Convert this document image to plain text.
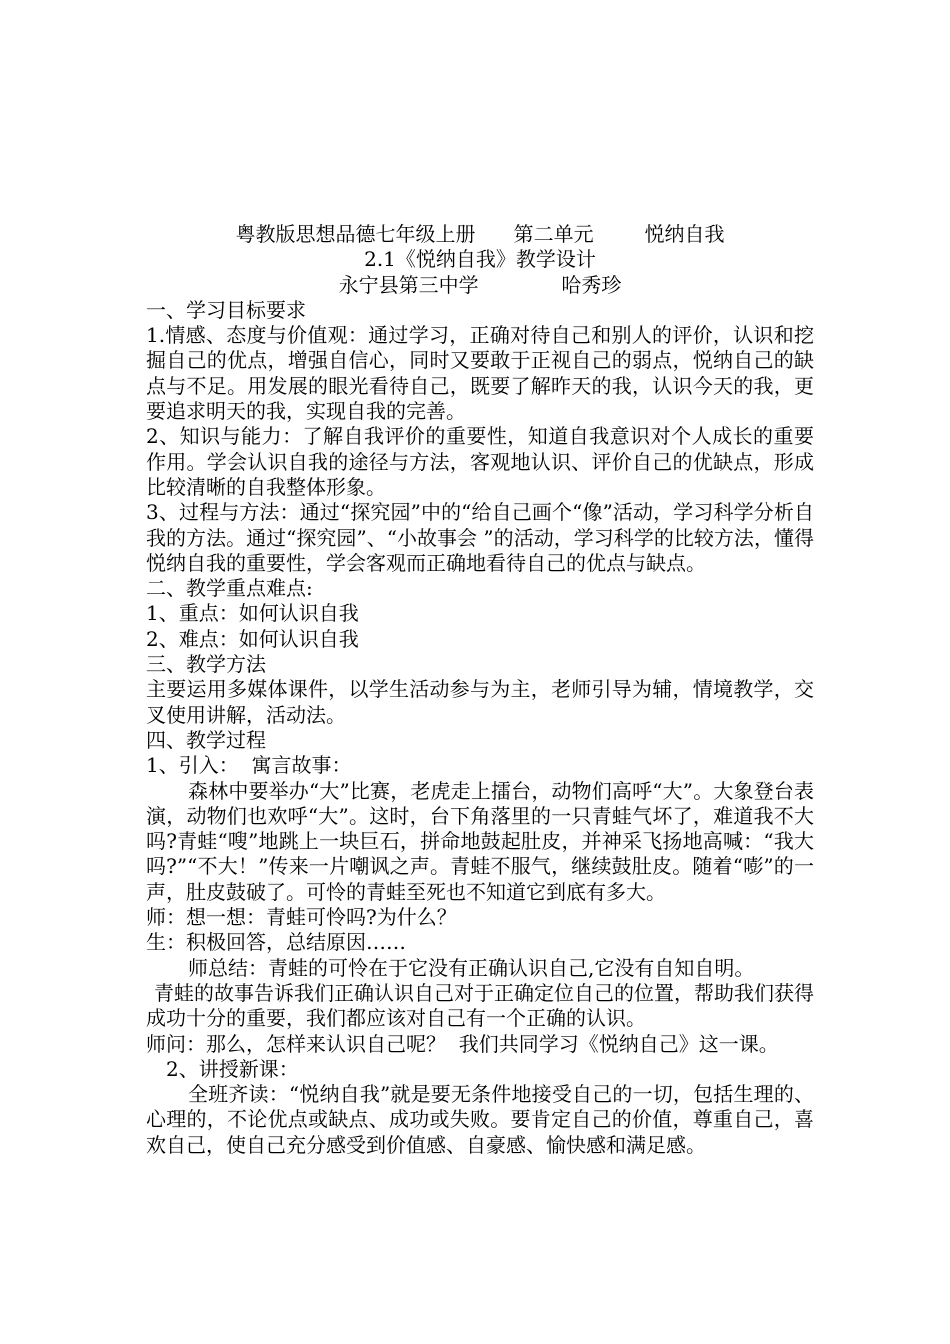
粤教版思想品德七年级上册      第二单元        悦纳自我
2.1《悦纳自我》教学设计
永宁县第三中学             哈秀珍
一、学习目标要求
1.情感、态度与价值观：通过学习，正确对待自己和别人的评价，认识和挖掘自己的优点，增强自信心，同时又要敢于正视自己的弱点，悦纳自己的缺点与不足。用发展的眼光看待自己，既要了解昨天的我，认识今天的我，更要追求明天的我，实现自我的完善。
2、知识与能力：了解自我评价的重要性，知道自我意识对个人成长的重要作用。学会认识自我的途径与方法，客观地认识、评价自己的优缺点，形成比较清晰的自我整体形象。
3、过程与方法：通过“探究园”中的“给自己画个“像”活动，学习科学分析自我的方法。通过“探究园”、“小故事会 ”的活动，学习科学的比较方法，懂得悦纳自我的重要性，学会客观而正确地看待自己的优点与缺点。
二、教学重点难点:
1、重点：如何认识自我
2、难点：如何认识自我
三、教学方法
主要运用多媒体课件，以学生活动参与为主，老师引导为辅，情境教学，交叉使用讲解，活动法。
四、教学过程
1、引入：  寓言故事：
森林中要举办“大”比赛，老虎走上擂台，动物们高呼“大”。大象登台表演，动物们也欢呼“大”。这时，台下角落里的一只青蛙气坏了，难道我不大吗?青蛙“嗖”地跳上一块巨石，拼命地鼓起肚皮，并神采飞扬地高喊：“我大吗?”“不大！”传来一片嘲讽之声。青蛙不服气，继续鼓肚皮。随着“嘭”的一声，肚皮鼓破了。可怜的青蛙至死也不知道它到底有多大。
师：想一想：青蛙可怜吗?为什么？
生：积极回答，总结原因……
师总结：青蛙的可怜在于它没有正确认识自己,它没有自知自明。
青蛙的故事告诉我们正确认识自己对于正确定位自己的位置，帮助我们获得成功十分的重要，我们都应该对自己有一个正确的认识。
师问：那么，怎样来认识自己呢？  我们共同学习《悦纳自己》这一课。
2、讲授新课：
全班齐读：“悦纳自我”就是要无条件地接受自己的一切，包括生理的、心理的，不论优点或缺点、成功或失败。要肯定自己的价值，尊重自己，喜欢自己，使自己充分感受到价值感、自豪感、愉快感和满足感。
